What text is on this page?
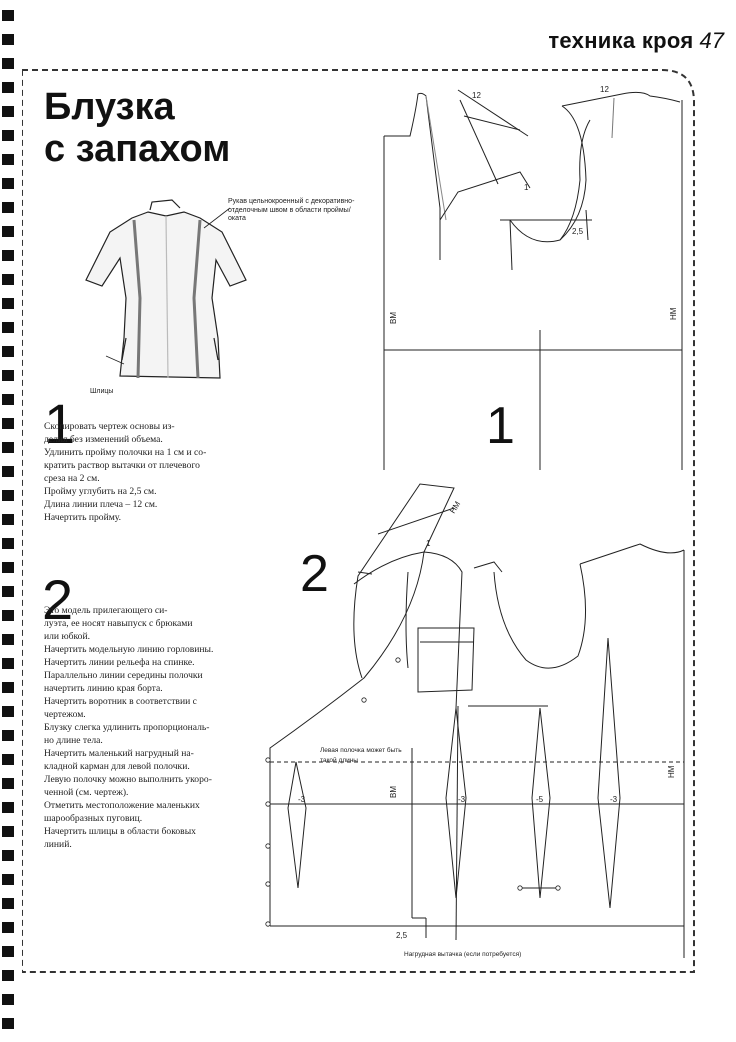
техника кроя 47
Блузка
с запахом
Рукав цельнокроенный с декоративно-отделочным швом в области проймы/оката
Шлицы
1

Скопировать чертеж основы из-

делия без изменений объема.

Удлинить пройму полочки на 1 см и со-

кратить раствор вытачки от плечевого

среза на 2 см.

Пройму углубить на 2,5 см.

Длина линии плеча – 12 см.

Начертить пройму.

2

Это модель прилегающего си-

луэта, ее носят навыпуск с брюками

или юбкой.

Начертить модельную линию горловины.

Начертить линии рельефа на спинке.

Параллельно линии середины полочки

начертить линию края борта.

Начертить воротник в соответствии с

чертежом.

Блузку слегка удлинить пропорциональ-

но длине тела.

Начертить маленький нагрудный на-

кладной карман для левой полочки.

Левую полочку можно выполнить укоро-

ченной (см. чертеж).

Отметить местоположение маленьких

шарообразных пуговиц.

Начертить шлицы в области боковых

линий.

12
12
1
2,5
ВМ	НМ
1
НМ
1
Левая полочка может быть
такой длины
ВМ
НМ
-3	-3	-5	-3
2,5
Нагрудная вытачка (если потребуется)
2
